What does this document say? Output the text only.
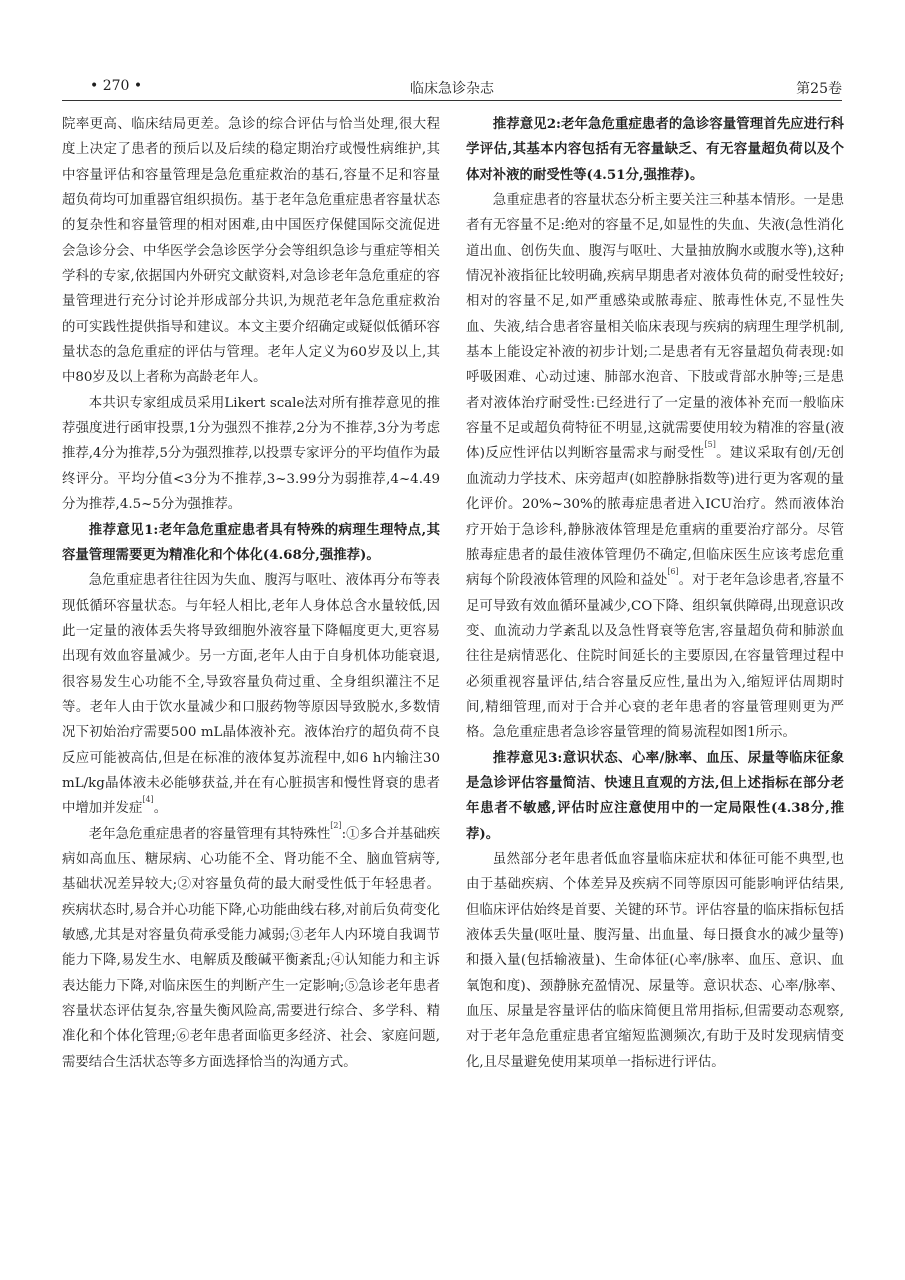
临床急诊杂志
• 270 •	第25卷

院率更高、临床结局更差。急诊的综合评估与恰当处理,很大程度上决定了患者的预后以及后续的稳定期治疗或慢性病维护,其中容量评估和容量管理是急危重症救治的基石,容量不足和容量超负荷均可加重器官组织损伤。基于老年急危重症患者容量状态的复杂性和容量管理的相对困难,由中国医疗保健国际交流促进会急诊分会、中华医学会急诊医学分会等组织急诊与重症等相关学科的专家,依据国内外研究文献资料,对急诊老年急危重症的容量管理进行充分讨论并形成部分共识,为规范老年急危重症救治的可实践性提供指导和建议。本文主要介绍确定或疑似低循环容量状态的急危重症的评估与管理。老年人定义为60岁及以上,其中80岁及以上者称为高龄老年人。

本共识专家组成员采用Likert scale法对所有推荐意见的推荐强度进行函审投票,1分为强烈不推荐,2分为不推荐,3分为考虑推荐,4分为推荐,5分为强烈推荐,以投票专家评分的平均值作为最终评分。平均分值<3分为不推荐,3~3.99分为弱推荐,4~4.49分为推荐,4.5~5分为强推荐。

推荐意见1:老年急危重症患者具有特殊的病理生理特点,其容量管理需要更为精准化和个体化(4.68分,强推荐)。

急危重症患者往往因为失血、腹泻与呕吐、液体再分布等表现低循环容量状态。与年轻人相比,老年人身体总含水量较低,因此一定量的液体丢失将导致细胞外液容量下降幅度更大,更容易出现有效血容量减少。另一方面,老年人由于自身机体功能衰退,很容易发生心功能不全,导致容量负荷过重、全身组织灌注不足等。老年人由于饮水量减少和口服药物等原因导致脱水,多数情况下初始治疗需要500 mL晶体液补充。液体治疗的超负荷不良反应可能被高估,但是在标准的液体复苏流程中,如6 h内输注30 mL/kg晶体液未必能够获益,并在有心脏损害和慢性肾衰的患者中增加并发症[4]。

老年急危重症患者的容量管理有其特殊性[2]:①多合并基础疾病如高血压、糖尿病、心功能不全、肾功能不全、脑血管病等,基础状况差异较大;②对容量负荷的最大耐受性低于年轻患者。疾病状态时,易合并心功能下降,心功能曲线右移,对前后负荷变化敏感,尤其是对容量负荷承受能力减弱;③老年人内环境自我调节能力下降,易发生水、电解质及酸碱平衡紊乱;④认知能力和主诉表达能力下降,对临床医生的判断产生一定影响;⑤急诊老年患者容量状态评估复杂,容量失衡风险高,需要进行综合、多学科、精准化和个体化管理;⑥老年患者面临更多经济、社会、家庭问题,需要结合生活状态等多方面选择恰当的沟通方式。

推荐意见2:老年急危重症患者的急诊容量管理首先应进行科学评估,其基本内容包括有无容量缺乏、有无容量超负荷以及个体对补液的耐受性等(4.51分,强推荐)。

急重症患者的容量状态分析主要关注三种基本情形。一是患者有无容量不足:绝对的容量不足,如显性的失血、失液(急性消化道出血、创伤失血、腹泻与呕吐、大量抽放胸水或腹水等),这种情况补液指征比较明确,疾病早期患者对液体负荷的耐受性较好;相对的容量不足,如严重感染或脓毒症、脓毒性休克,不显性失血、失液,结合患者容量相关临床表现与疾病的病理生理学机制,基本上能设定补液的初步计划;二是患者有无容量超负荷表现:如呼吸困难、心动过速、肺部水泡音、下肢或背部水肿等;三是患者对液体治疗耐受性:已经进行了一定量的液体补充而一般临床容量不足或超负荷特征不明显,这就需要使用较为精准的容量(液体)反应性评估以判断容量需求与耐受性[5]。建议采取有创/无创血流动力学技术、床旁超声(如腔静脉指数等)进行更为客观的量化评价。20%~30%的脓毒症患者进入ICU治疗。然而液体治疗开始于急诊科,静脉液体管理是危重病的重要治疗部分。尽管脓毒症患者的最佳液体管理仍不确定,但临床医生应该考虑危重病每个阶段液体管理的风险和益处[6]。对于老年急诊患者,容量不足可导致有效血循环量减少,CO下降、组织氧供障碍,出现意识改变、血流动力学紊乱以及急性肾衰等危害,容量超负荷和肺淤血往往是病情恶化、住院时间延长的主要原因,在容量管理过程中必须重视容量评估,结合容量反应性,量出为入,缩短评估周期时间,精细管理,而对于合并心衰的老年患者的容量管理则更为严格。急危重症患者急诊容量管理的简易流程如图1所示。

推荐意见3:意识状态、心率/脉率、血压、尿量等临床征象是急诊评估容量简洁、快速且直观的方法,但上述指标在部分老年患者不敏感,评估时应注意使用中的一定局限性(4.38分,推荐)。

虽然部分老年患者低血容量临床症状和体征可能不典型,也由于基础疾病、个体差异及疾病不同等原因可能影响评估结果,但临床评估始终是首要、关键的环节。评估容量的临床指标包括液体丢失量(呕吐量、腹泻量、出血量、每日摄食水的减少量等)和摄入量(包括输液量)、生命体征(心率/脉率、血压、意识、血氧饱和度)、颈静脉充盈情况、尿量等。意识状态、心率/脉率、血压、尿量是容量评估的临床简便且常用指标,但需要动态观察,对于老年急危重症患者宜缩短监测频次,有助于及时发现病情变化,且尽量避免使用某项单一指标进行评估。
